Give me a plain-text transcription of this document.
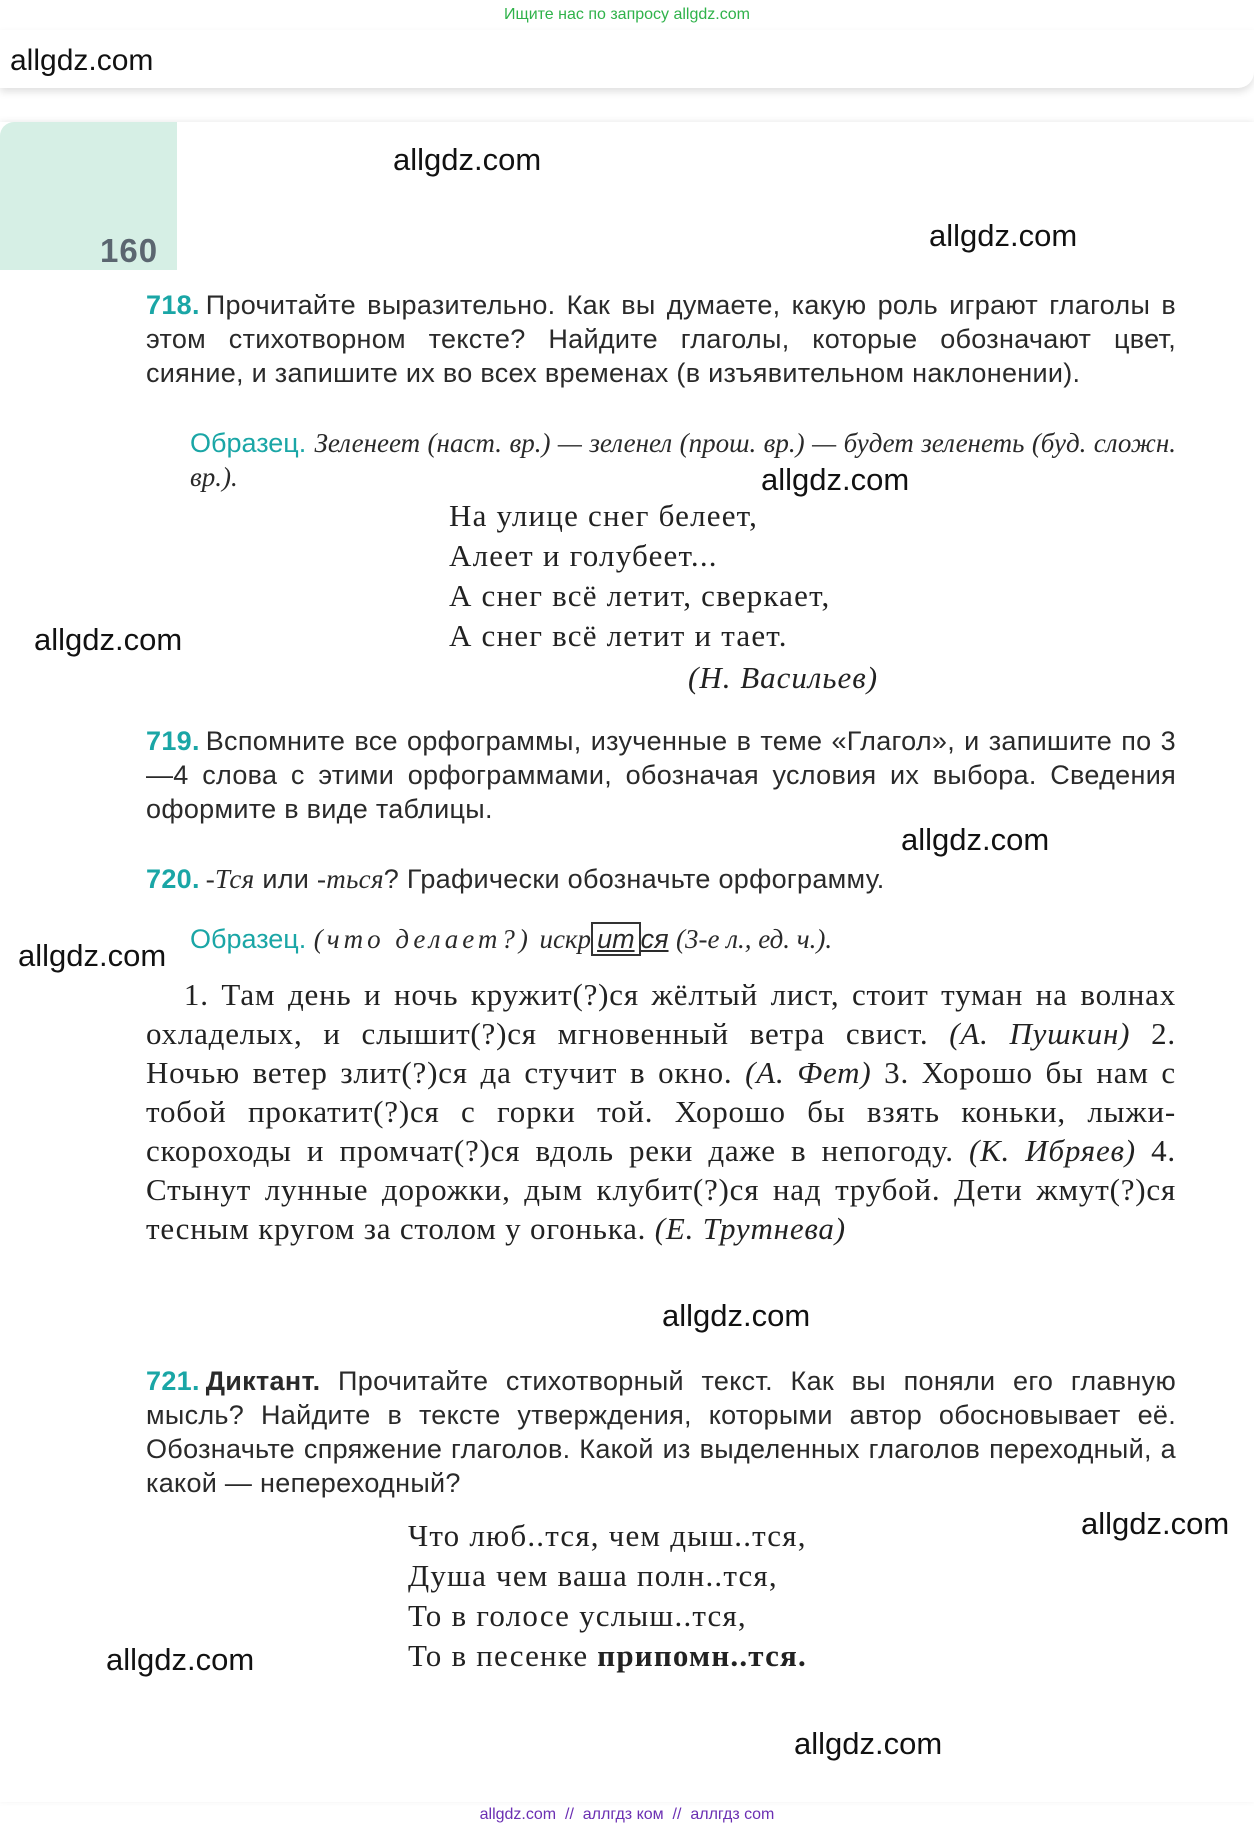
Ищите нас по запросу allgdz.com
allgdz.com
160
718. Прочитайте выразительно. Как вы думаете, какую роль играют глаголы в этом стихотворном тексте? Найдите глаголы, которые обозначают цвет, сияние, и запишите их во всех временах (в изъявительном наклонении).
Образец. Зеленеет (наст. вр.) — зеленел (прош. вр.) — будет зеленеть (буд. сложн. вр.).
На улице снег белеет,
Алеет и голубеет...
А снег всё летит, сверкает,
А снег всё летит и тает.
(Н. Васильев)
719. Вспомните все орфограммы, изученные в теме «Глагол», и запишите по 3—4 слова с этими орфограммами, обозначая условия их выбора. Сведения оформите в виде таблицы.
720. -Тся или -ться? Графически обозначьте орфограмму.
Образец. (что делает?) искр ит ся (3-е л., ед. ч.).
1. Там день и ночь кружит(?)ся жёлтый лист, стоит туман на волнах охладелых, и слышит(?)ся мгновенный ветра свист. (А. Пушкин) 2. Ночью ветер злит(?)ся да стучит в окно. (А. Фет) 3. Хорошо бы нам с тобой прокатит(?)ся с горки той. Хорошо бы взять коньки, лыжи-скороходы и промчат(?)ся вдоль реки даже в непогоду. (К. Ибряев) 4. Стынут лунные дорожки, дым клубит(?)ся над трубой. Дети жмут(?)ся тесным кругом за столом у огонька. (Е. Трутнева)
721. Диктант. Прочитайте стихотворный текст. Как вы поняли его главную мысль? Найдите в тексте утверждения, которыми автор обосновывает её. Обозначьте спряжение глаголов. Какой из выделенных глаголов переходный, а какой — непереходный?
Что люб..тся, чем дыш..тся,
Душа чем ваша полн..тся,
То в голосе услыш..тся,
То в песенке припомн..тся.
allgdz.com
allgdz.com
allgdz.com
allgdz.com
allgdz.com
allgdz.com
allgdz.com
allgdz.com
allgdz.com
allgdz.com
allgdz.com  //  аллгдз ком  //  аллгдз com
